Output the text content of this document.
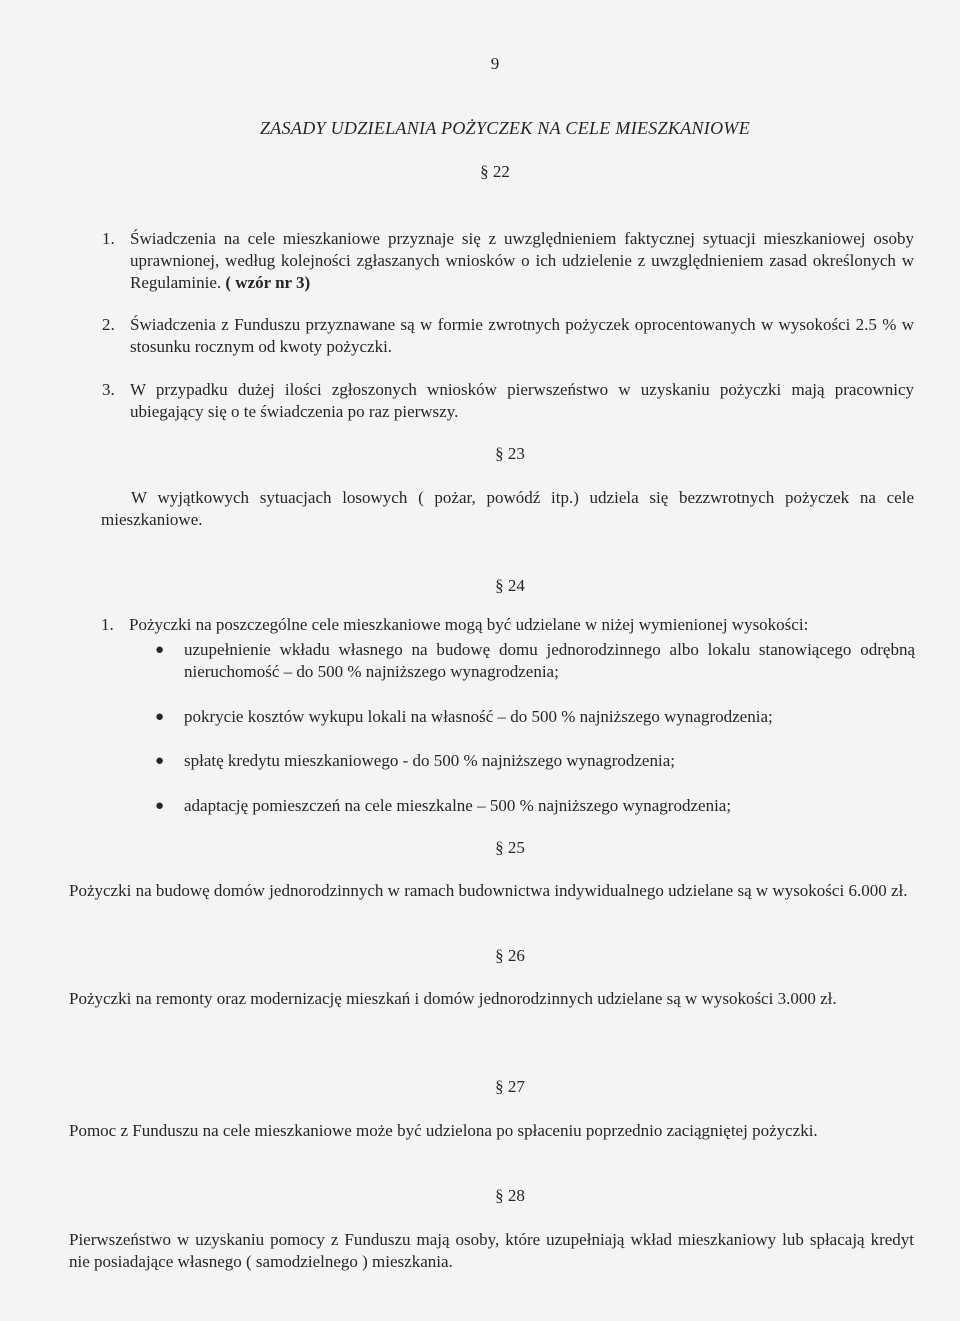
9
ZASADY UDZIELANIA POŻYCZEK NA CELE MIESZKANIOWE
§ 22
1. Świadczenia na cele mieszkaniowe przyznaje się z uwzględnieniem faktycznej sytuacji mieszkaniowej osoby uprawnionej, według kolejności zgłaszanych wniosków o ich udzielenie z uwzględnieniem zasad określonych w Regulaminie. ( wzór nr 3)
2. Świadczenia z Funduszu przyznawane są w formie zwrotnych pożyczek oprocentowanych w wysokości 2.5 % w stosunku rocznym od kwoty pożyczki.
3. W przypadku dużej ilości zgłoszonych wniosków pierwszeństwo w uzyskaniu pożyczki mają pracownicy ubiegający się o te świadczenia po raz pierwszy.
§ 23
W wyjątkowych sytuacjach losowych ( pożar, powódź itp.) udziela się bezzwrotnych pożyczek na cele mieszkaniowe.
§ 24
1. Pożyczki na poszczególne cele mieszkaniowe mogą być udzielane w niżej wymienionej wysokości:
●	uzupełnienie wkładu własnego na budowę domu jednorodzinnego albo lokalu stanowiącego odrębną nieruchomość – do 500 % najniższego wynagrodzenia;
●	pokrycie kosztów wykupu lokali na własność – do 500 % najniższego wynagrodzenia;
●	spłatę kredytu mieszkaniowego - do 500 % najniższego wynagrodzenia;
●	adaptację pomieszczeń na cele mieszkalne – 500 % najniższego wynagrodzenia;
§ 25
Pożyczki na budowę domów jednorodzinnych w ramach budownictwa indywidualnego udzielane są w wysokości 6.000 zł.
§ 26
Pożyczki na remonty oraz modernizację mieszkań i domów jednorodzinnych udzielane są w wysokości 3.000 zł.
§ 27
Pomoc z Funduszu na cele mieszkaniowe może być udzielona po spłaceniu poprzednio zaciągniętej pożyczki.
§ 28
Pierwszeństwo w uzyskaniu pomocy z Funduszu mają osoby, które uzupełniają wkład mieszkaniowy lub spłacają kredyt nie posiadające własnego ( samodzielnego ) mieszkania.
